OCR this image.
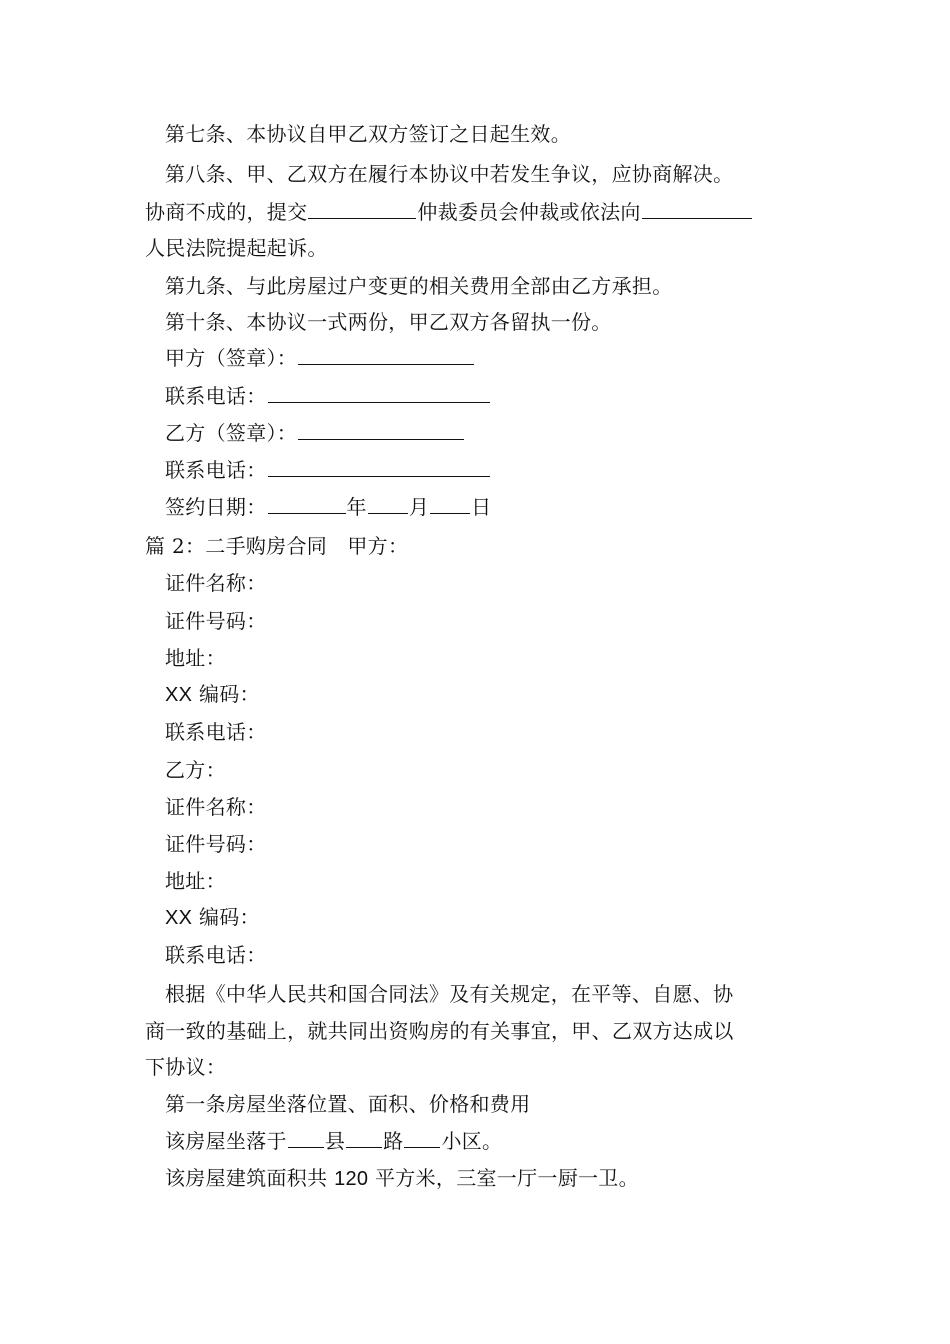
第七条、本协议自甲乙双方签订之日起生效。
第八条、甲、乙双方在履行本协议中若发生争议，应协商解决。
协商不成的，提交	仲裁委员会仲裁或依法向
人民法院提起起诉。
第九条、与此房屋过户变更的相关费用全部由乙方承担。
第十条、本协议一式两份，甲乙双方各留执一份。
甲方（签章）：
联系电话：
乙方（签章）：
联系电话：
签约日期：	年 月 日
篇 2：二手购房合同　甲方：
证件名称：
证件号码：
地址：
XX 编码：
联系电话：
乙方：
证件名称：
证件号码：
地址：
XX 编码：
联系电话：
根据《中华人民共和国合同法》及有关规定，在平等、自愿、协
商一致的基础上，就共同出资购房的有关事宜，甲、乙双方达成以
下协议：
第一条房屋坐落位置、面积、价格和费用
该房屋坐落于 县 路 小区。
该房屋建筑面积共 120 平方米，三室一厅一厨一卫。
